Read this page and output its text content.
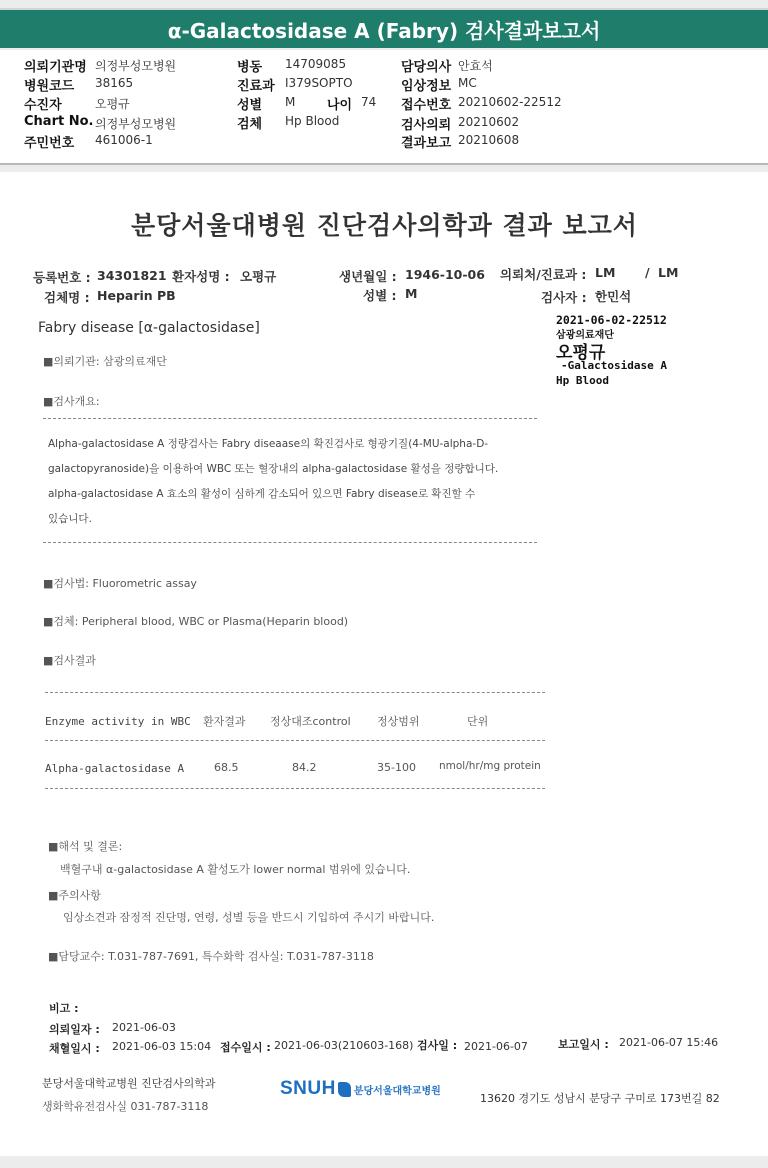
α-Galactosidase A (Fabry) 검사결과보고서
의뢰기관명 의정부성모병원
병원코드 38165
수진자	오평규
Chart No. 의정부성모병원
주민번호 461006-1
병동 14709085
진료과 I379SOPTO
성별 M 나이 74
검체 Hp Blood
담당의사 안효석
임상정보 MC
접수번호 20210602-22512
검사의뢰 20210602
결과보고 20210608
분당서울대병원 진단검사의학과 결과 보고서
등록번호 : 34301821 환자성명 : 오평규	생년월일 : 1946-10-06 의뢰처/진료과 : LM / LM
검체명 : Heparin PB	성별 : M	검사자 : 한민석
Fabry disease [α-galactosidase]	2021-06-02-22512
삼광의료재단
오평규
-Galactosidase A
Hp Blood
■의뢰기관: 삼광의료재단
■검사개요:
Alpha-galactosidase A 정량검사는 Fabry diseaase의 확진검사로 형광기질(4-MU-alpha-D-
galactopyranoside)을 이용하여 WBC 또는 혈장내의 alpha-galactosidase 활성을 정량합니다.
alpha-galactosidase A 효소의 활성이 심하게 감소되어 있으면 Fabry disease로 확진할 수
있습니다.
■검사법: Fluorometric assay
■검체: Peripheral blood, WBC or Plasma(Heparin blood)
■검사결과
Enzyme activity in WBC 환자결과 정상대조control 정상범위	단위
Alpha-galactosidase A	68.5	84.2	35-100 nmol/hr/mg protein
■해석 및 결론:
백혈구내 α-galactosidase A 활성도가 lower normal 범위에 있습니다.
■주의사항
임상소견과 잠정적 진단명, 연령, 성별 등을 반드시 기입하여 주시기 바랍니다.
■담당교수: T.031-787-7691, 특수화학 검사실: T.031-787-3118
비고 :
의뢰일자 : 2021-06-03
채혈일시 : 2021-06-03 15:04 접수일시 : 2021-06-03(210603-168) 검사일 : 2021-06-07	보고일시 : 2021-06-07 15:46
분당서울대학교병원 진단검사의학과
생화학유전검사실 031-787-3118
SNUH 분당서울대학교병원
13620 경기도 성남시 분당구 구미로 173번길 82
